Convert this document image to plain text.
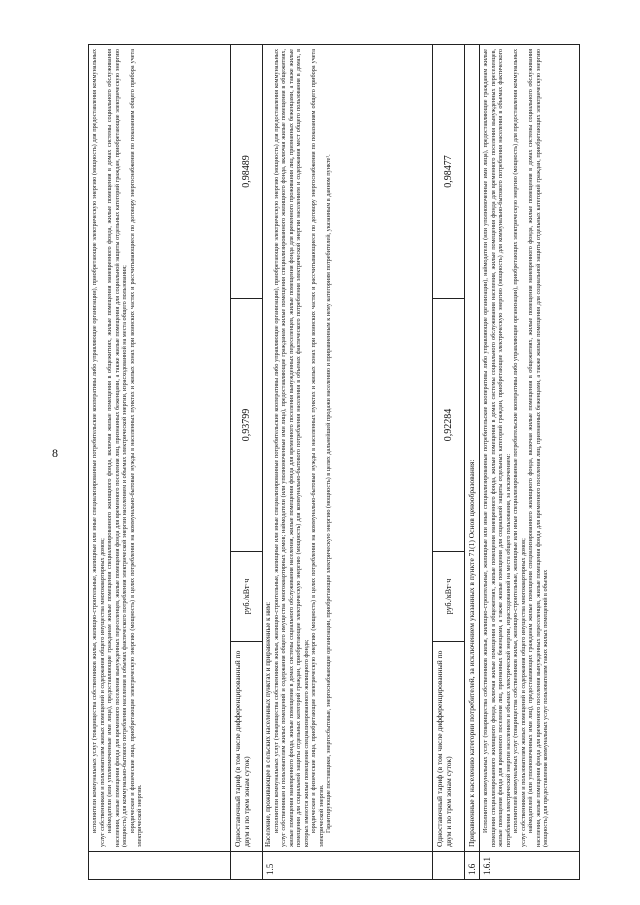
8

	исполнители коммунальных услуг (товарищества собственников жилья, жилищно-строительные, жилищные или иные специализированные потребительские кооперативы либо управляющие организации), приобретающие электрическую энергию (мощность) для предоставления коммунальных услуг собственникам и пользователям жилых помещений и содержания общего имущества многоквартирных домов; наймодатели (или уполномоченные ими лица), предоставляющие гражданам жилые помещения специализированного жилищного фонда, включая жилые помещения в общежитиях, жилые помещения маневренного фонда, жилые помещения в домах системы социального обслуживания населения, жилые помещения фонда для временного поселения вынужденных переселенцев, жилые помещения фонда для временного поселения лиц, признанных беженцами, а также жилые помещения для социальной защиты отдельных категорий граждан, приобретающие электрическую энергию (мощность) для коммунально-бытового потребления населения в объемах фактического потребления электрической энергии населением и объемах электрической энергии, израсходованной на места общего пользования; юридические и физические лица, приобретающие электрическую энергию (мощность) в целях потребления на коммунально-бытовые нужды в населенных пунктах и жилых зонах при воинских частях и рассчитывающиеся по договору энергоснабжения по показаниям общего прибора учета электрической энергии.			

	Одноставочный тариф (в том числе дифференцированный по двум и по трем зонам суток)	руб./кВт·ч	0,93799	0,98489
1.5	Население, проживающее в сельских населенных пунктах и приравненные к ним: исполнители коммунальных услуг (товарищества собственников жилья, жилищно-строительные, жилищные или иные специализированные потребительские кооперативы либо управляющие организации), приобретающие электрическую энергию (мощность) для предоставления коммунальных услуг собственникам и пользователям жилых помещений и содержания общего имущества многоквартирных домов; наймодатели (или уполномоченные ими лица), предоставляющие гражданам жилые помещения специализированного жилищного фонда, включая жилые помещения в общежитиях, жилые помещения маневренного фонда, жилые помещения в домах системы социального обслуживания населения, жилые помещения фонда для временного поселения вынужденных переселенцев, жилые помещения фонда для временного проживания лиц, признанных беженцами, а также жилые помещения для социальной защиты отдельных категорий граждан, приобретающие электрическую энергию (мощность) для коммунально-бытового потребления населения в объемах фактического потребления электрической энергии населением и содержания мест общего пользования в домах, в которых имеются жилые помещения специализированного жилищного фонда; юридические и физические лица, приобретающие электрическую энергию (мощность) в целях потребления на коммунально-бытовые нужды в населенных пунктах и жилых зонах при воинских частях и рассчитывающиеся по договору энергоснабжения по показаниям общего прибора учета электрической энергии. Гарантирующие поставщики, энергосбытовые, энергоснабжающие организации, приобретающие электрическую энергию (мощность) в целях дальнейшей продажи населению и приравненным к нему категориям потребителей, указанным в данном пункте¹.			

	Одноставочный тариф (в том числе дифференцированный по двум и по трем зонам суток)	руб./кВт·ч	0,92284	0,98477
1.6	Приравненные к населению категории потребителей, за исключением указанных в пункте 71(1) Основ ценообразования:			
1.6.1	Исполнители коммунальных услуг (товарищества собственников жилья, жилищно-строительные, жилищные или иные специализированные потребительские кооперативы либо управляющие организации), наймодатели (или уполномоченные ими лица), предоставляющие гражданам жилые помещения специализированного жилищного фонда, включая жилые помещения в общежитиях, жилые помещения маневренного фонда, жилые помещения в домах системы социального обслуживания населения, жилые помещения фонда для временного поселения вынужденных переселенцев, жилые помещения фонда для временного поселения лиц, признанных беженцами, а также жилые помещения для социальной защиты отдельных категорий граждан, приобретающие электрическую энергию (мощность) для коммунально-бытового потребления населения в объемах фактического потребления электрической энергии населением и объемах электрической энергии, израсходованной на места общего пользования, за исключением: исполнителей коммунальных услуг (товарищества собственников жилья, жилищно-строительные, жилищные или иные специализированные потребительские кооперативы либо управляющие организации), приобретающих электрическую энергию (мощность) для предоставления коммунальных услуг собственникам и пользователям жилых помещений и содержания общего имущества многоквартирных домов; наймодателей (или уполномоченных ими лиц), предоставляющих гражданам жилые помещения специализированного жилищного фонда, включая жилые помещения в общежитиях, жилые помещения маневренного фонда, жилые помещения в домах системы социального обслуживания населения, жилые помещения фонда для временного поселения вынужденных переселенцев, жилые помещения фонда для временного поселения лиц, признанных беженцами, а также жилые помещения для социальной защиты отдельных категорий граждан, приобретающих электрическую энергию (мощность) для предоставления коммунальных услуг пользователям таких жилых помещений в объемах			
